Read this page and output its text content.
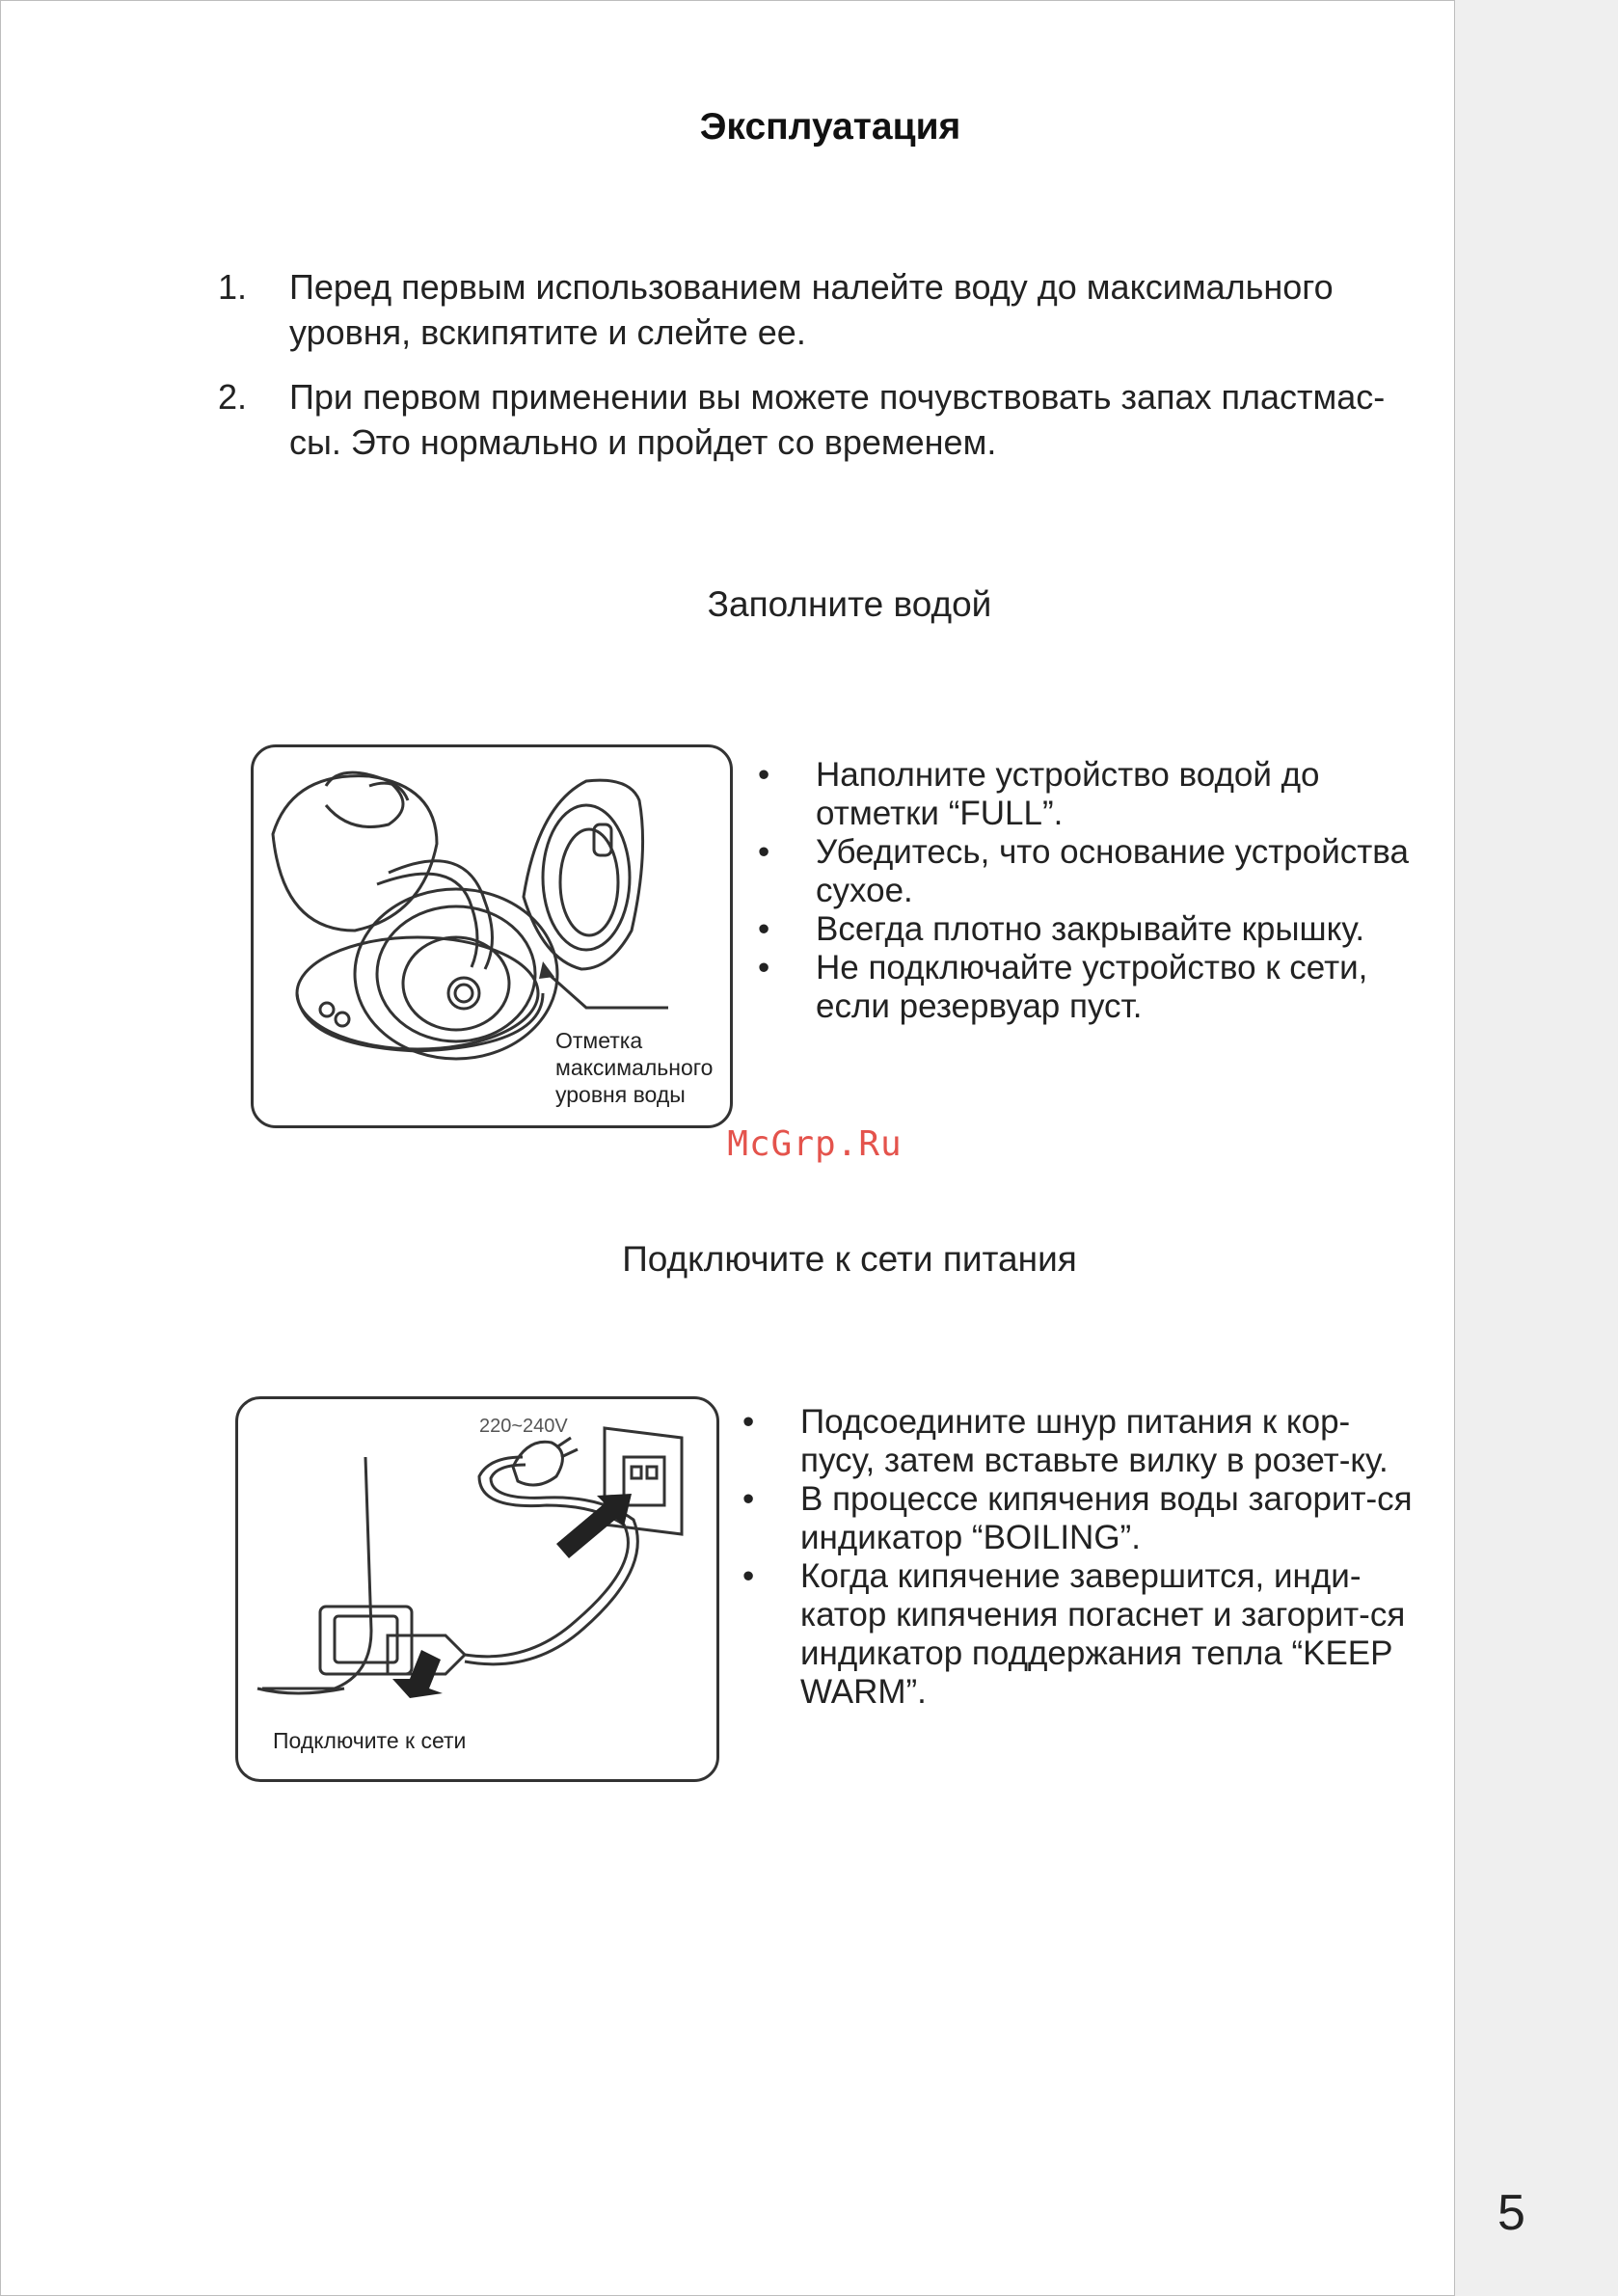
Эксплуатация
1. Перед первым использованием налейте воду до максимального уровня, вскипятите и слейте ее.
2. При первом применении вы можете почувствовать запах пластмас-сы. Это нормально и пройдет со временем.
Заполните водой
Отметка
максимального
уровня воды
• Наполните устройство водой до отметки “FULL”.
• Убедитесь, что основание устройства сухое.
• Всегда плотно закрывайте крышку.
• Не подключайте устройство к сети, если резервуар пуст.
McGrp.Ru
Подключите к сети питания
220~240V
Подключите к сети
• Подсоедините шнур питания к кор-пусу, затем вставьте вилку в розет-ку.
• В процессе кипячения воды загорит-ся индикатор “BOILING”.
• Когда кипячение завершится, инди-катор кипячения погаснет и загорит-ся индикатор поддержания тепла “KEEP WARM”.
5
